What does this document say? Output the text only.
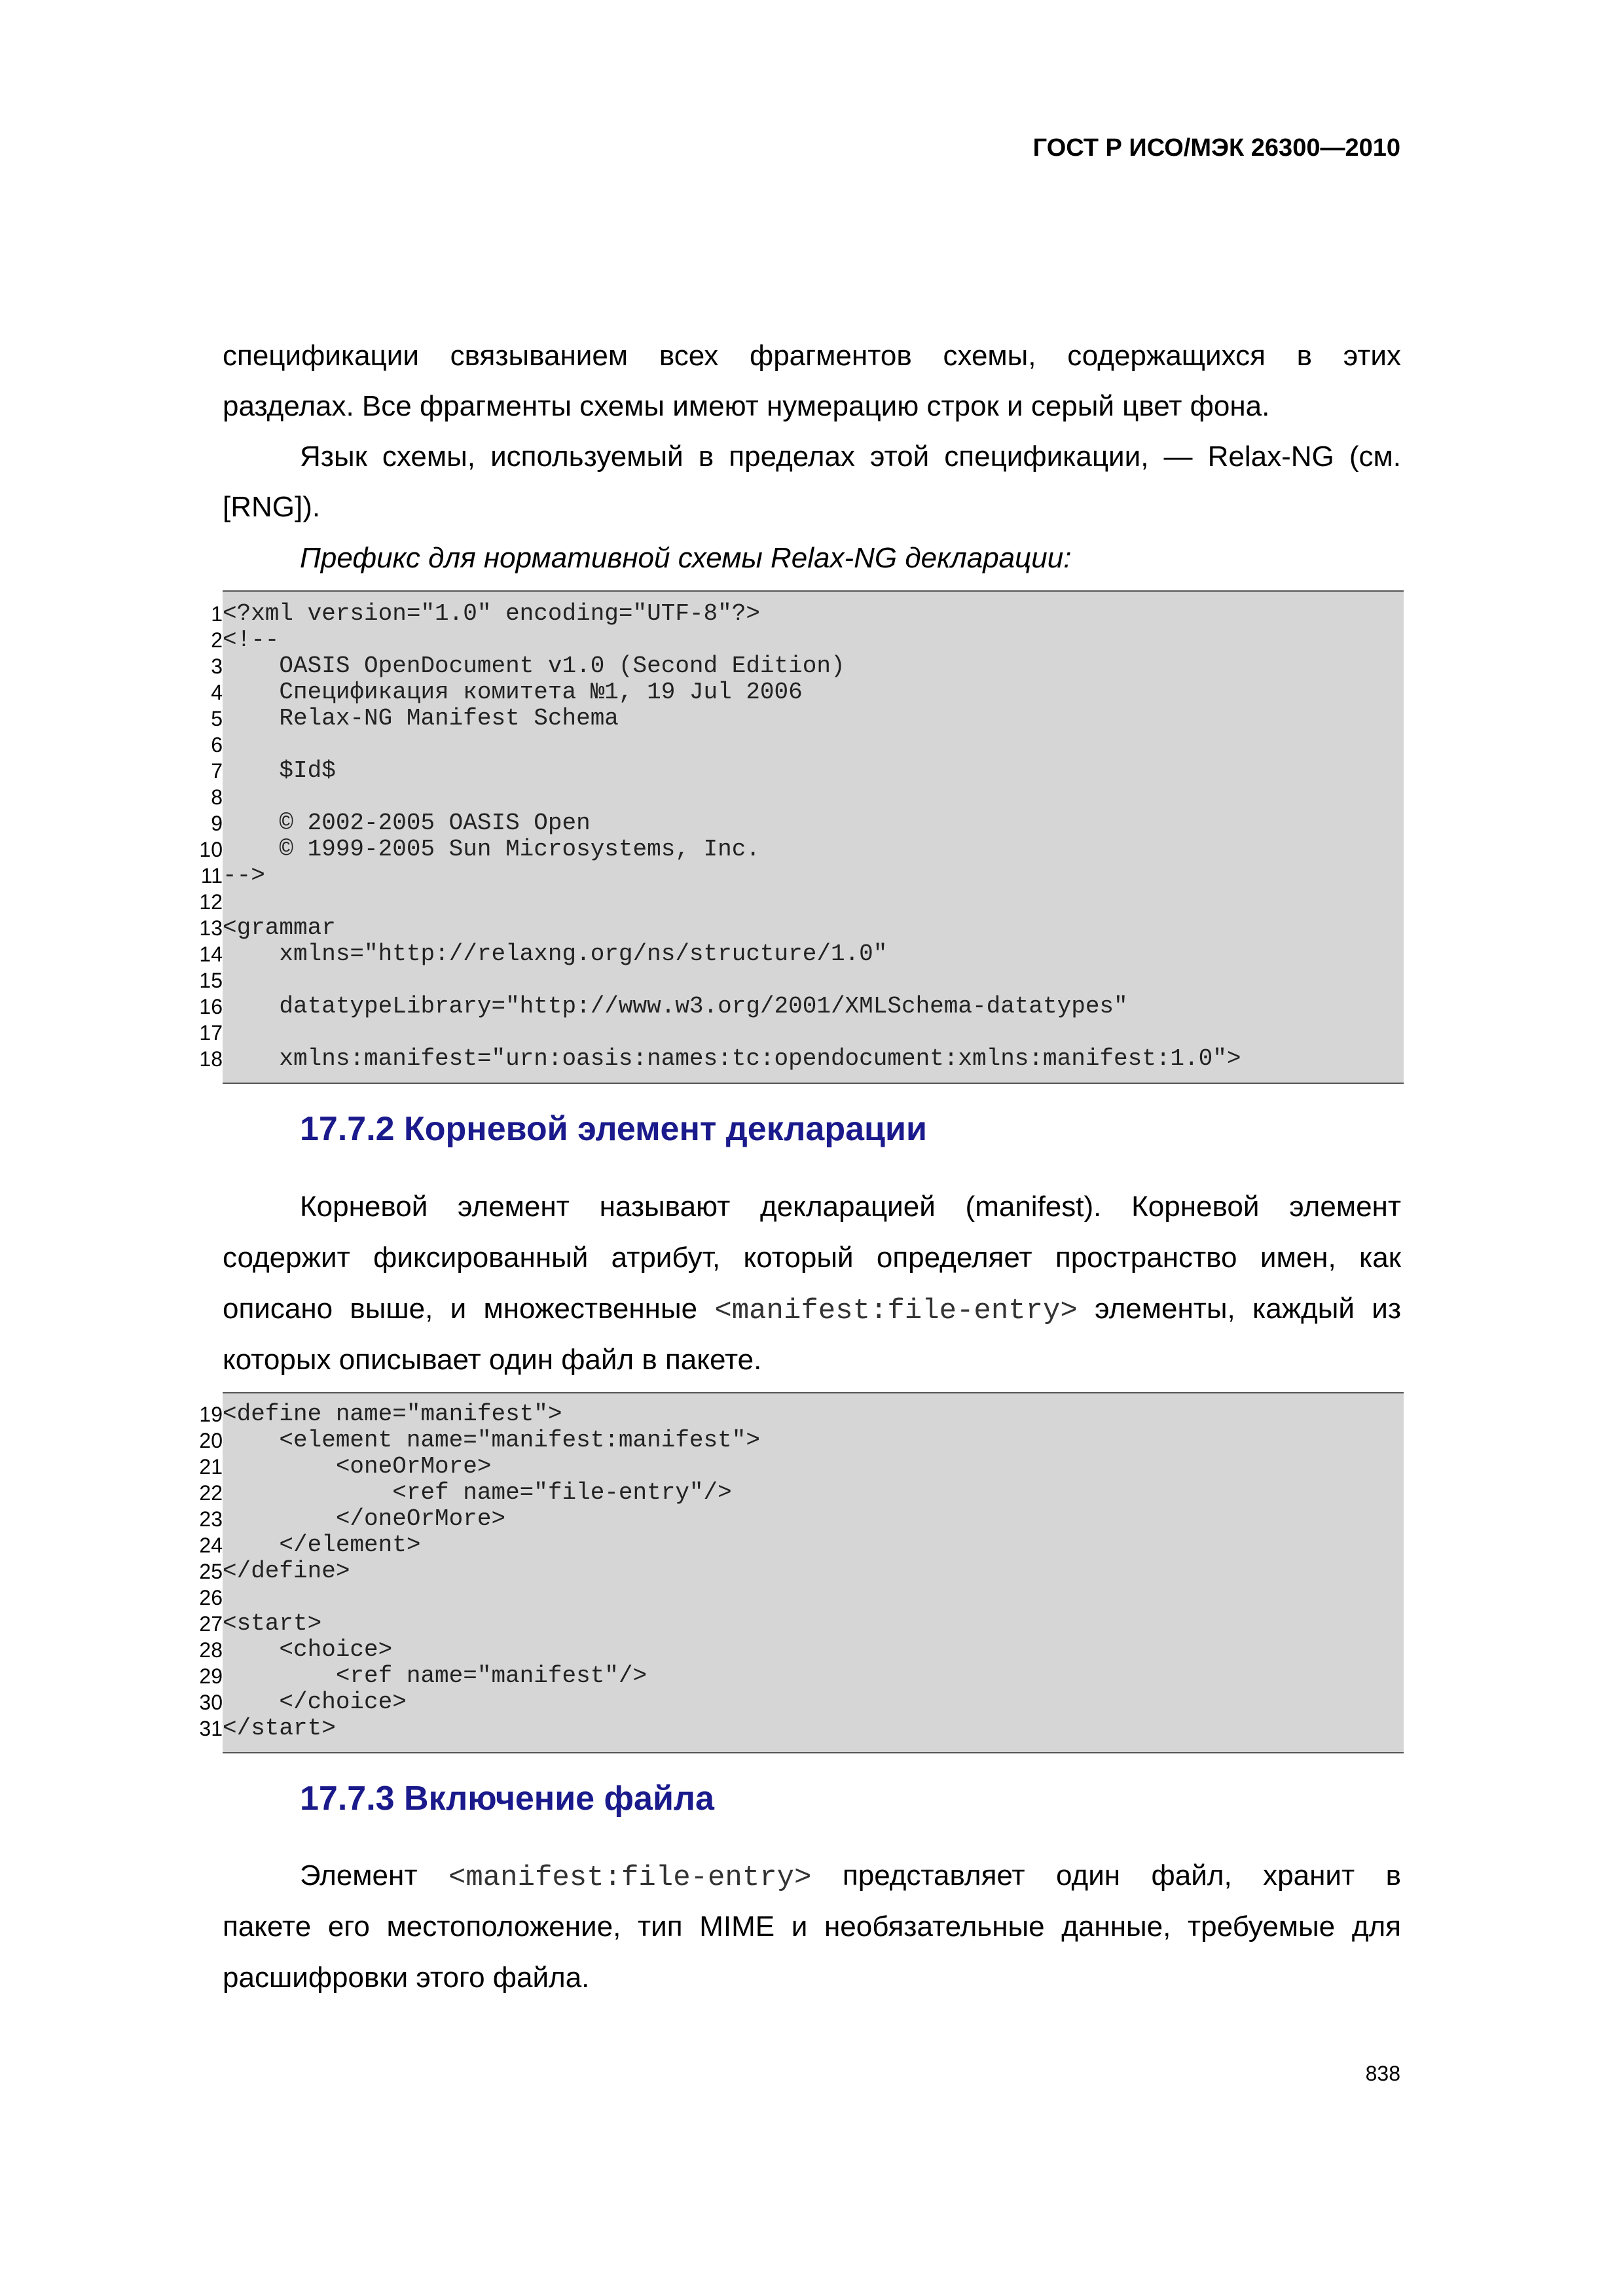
ГОСТ Р ИСО/МЭК 26300—2010
спецификации связыванием всех фрагментов схемы, содержащихся в этих
разделах. Все фрагменты схемы имеют нумерацию строк и серый цвет фона.
Язык схемы, используемый в пределах этой спецификации, — Relax-NG (см.
[RNG]).
Префикс для нормативной схемы Relax-NG декларации:
1 <?xml version="1.0" encoding="UTF-8"?>
2 <!--
3 OASIS OpenDocument v1.0 (Second Edition)
4 Спецификация комитета №1, 19 Jul 2006
5 Relax-NG Manifest Schema
6
7 $Id$
8
9 © 2002-2005 OASIS Open
10 © 1999-2005 Sun Microsystems, Inc.
11 -->
12
13 <grammar
14 xmlns="http://relaxng.org/ns/structure/1.0"
15
16 datatypeLibrary="http://www.w3.org/2001/XMLSchema-datatypes"
17
18 xmlns:manifest="urn:oasis:names:tc:opendocument:xmlns:manifest:1.0">
17.7.2 Корневой элемент декларации
Корневой элемент называют декларацией (manifest). Корневой элемент
содержит фиксированный атрибут, который определяет пространство имен, как
описано выше, и множественные <manifest:file-entry> элементы, каждый из
которых описывает один файл в пакете.
19 <define name="manifest">
20 <element name="manifest:manifest">
21 <oneOrMore>
22 <ref name="file-entry"/>
23 </oneOrMore>
24 </element>
25 </define>
26
27 <start>
28 <choice>
29 <ref name="manifest"/>
30 </choice>
31 </start>
17.7.3 Включение файла
Элемент <manifest:file-entry> представляет один файл, хранит в
пакете его местоположение, тип MIME и необязательные данные, требуемые для
расшифровки этого файла.
838
